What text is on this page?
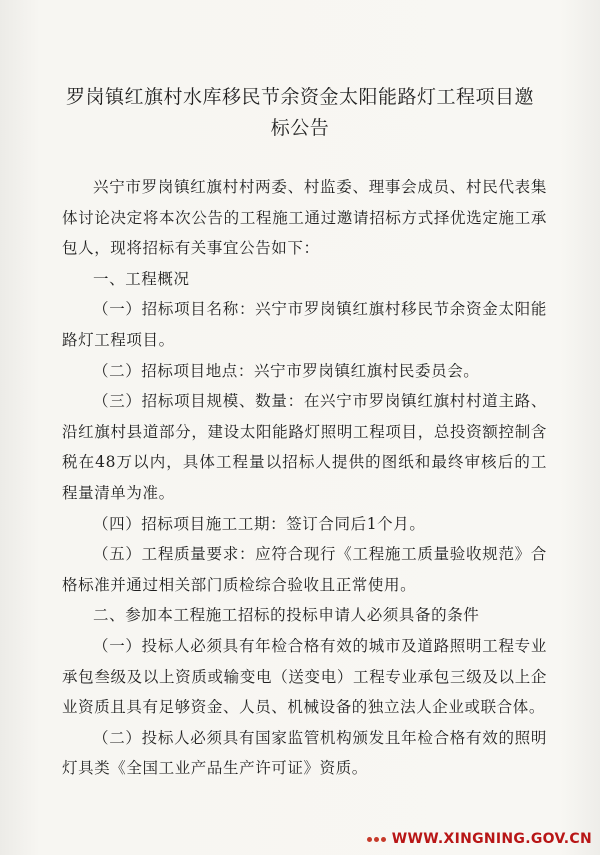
罗岗镇红旗村水库移民节余资金太阳能路灯工程项目邀标公告

兴宁市罗岗镇红旗村村两委、村监委、理事会成员、村民代表集体讨论决定将本次公告的工程施工通过邀请招标方式择优选定施工承包人，现将招标有关事宜公告如下：

一、工程概况

（一）招标项目名称：兴宁市罗岗镇红旗村移民节余资金太阳能路灯工程项目。

（二）招标项目地点：兴宁市罗岗镇红旗村民委员会。

（三）招标项目规模、数量：在兴宁市罗岗镇红旗村村道主路、沿红旗村县道部分，建设太阳能路灯照明工程项目，总投资额控制含税在48万以内，具体工程量以招标人提供的图纸和最终审核后的工程量清单为准。

（四）招标项目施工工期：签订合同后1个月。

（五）工程质量要求：应符合现行《工程施工质量验收规范》合格标准并通过相关部门质检综合验收且正常使用。

二、参加本工程施工招标的投标申请人必须具备的条件

（一）投标人必须具有年检合格有效的城市及道路照明工程专业承包叁级及以上资质或输变电（送变电）工程专业承包三级及以上企业资质且具有足够资金、人员、机械设备的独立法人企业或联合体。

（二）投标人必须具有国家监管机构颁发且年检合格有效的照明灯具类《全国工业产品生产许可证》资质。

WWW.XINGNING.GOV.CN
